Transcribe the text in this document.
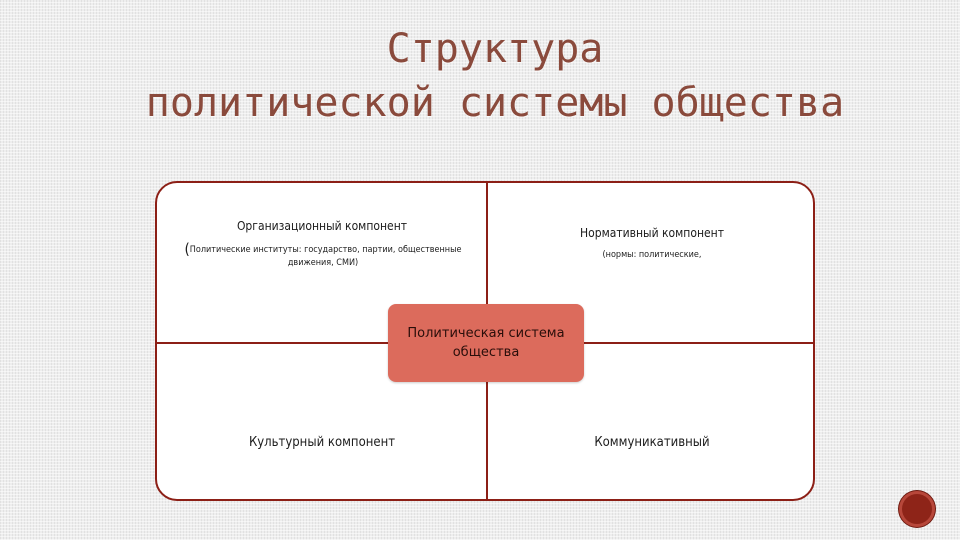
Структура
политической системы общества
Организационный компонент
(Политические институты: государство, партии, общественные движения, СМИ)
Нормативный компонент
(нормы: политические,
Культурный компонент	Коммуникативный
Политическая система общества
